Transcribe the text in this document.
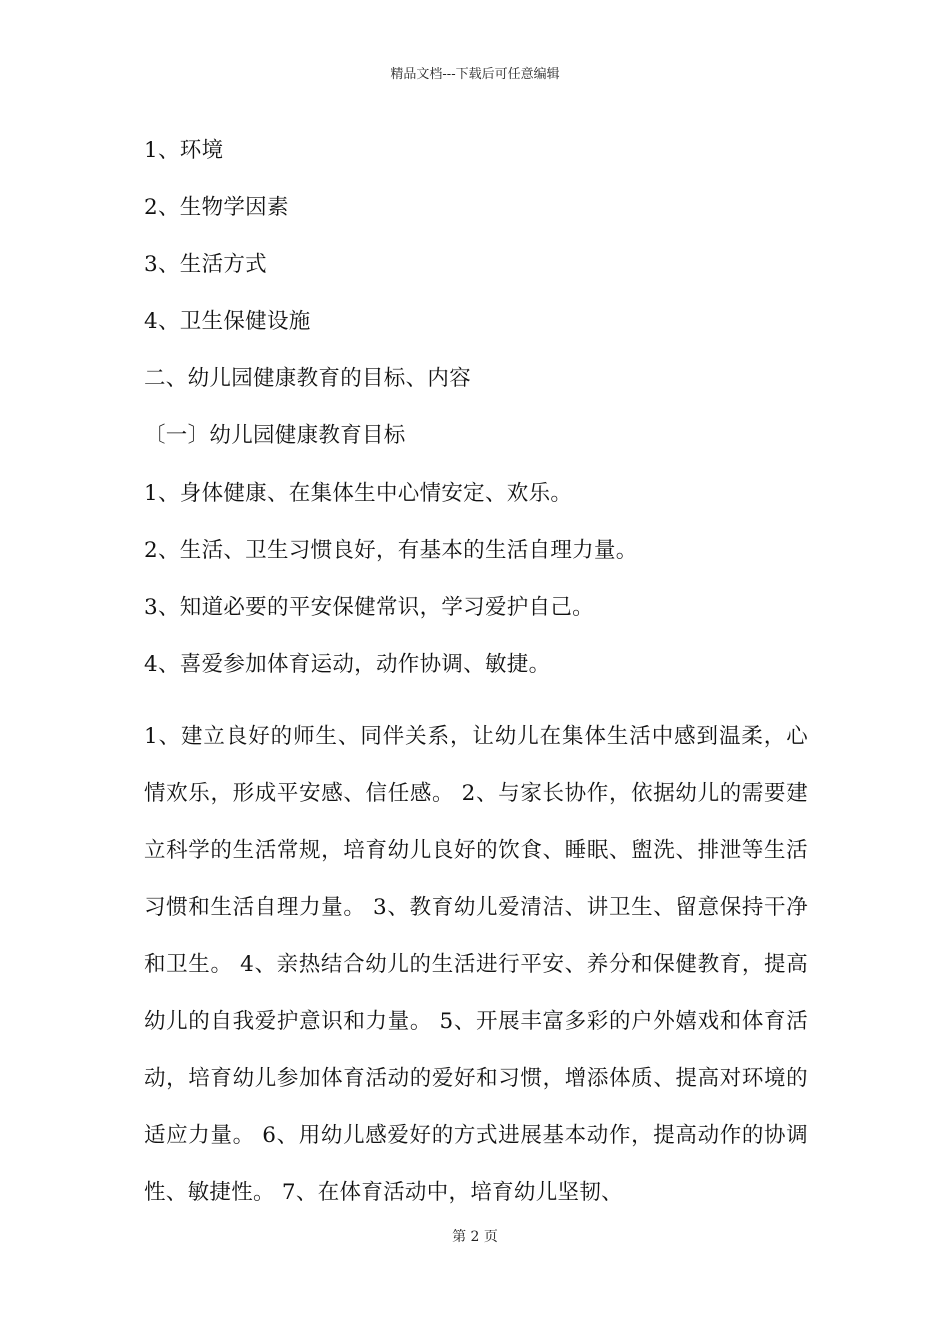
精品文档---下载后可任意编辑
1、环境
2、生物学因素
3、生活方式
4、卫生保健设施
二、幼儿园健康教育的目标、内容
〔一〕幼儿园健康教育目标
1、身体健康、在集体生中心情安定、欢乐。
2、生活、卫生习惯良好，有基本的生活自理力量。
3、知道必要的平安保健常识，学习爱护自己。
4、喜爱参加体育运动，动作协调、敏捷。
1、建立良好的师生、同伴关系，让幼儿在集体生活中感到温柔，心情欢乐，形成平安感、信任感。 2、与家长协作，依据幼儿的需要建立科学的生活常规，培育幼儿良好的饮食、睡眠、盥洗、排泄等生活习惯和生活自理力量。 3、教育幼儿爱清洁、讲卫生、留意保持干净和卫生。 4、亲热结合幼儿的生活进行平安、养分和保健教育，提高幼儿的自我爱护意识和力量。 5、开展丰富多彩的户外嬉戏和体育活动，培育幼儿参加体育活动的爱好和习惯，增添体质、提高对环境的适应力量。 6、用幼儿感爱好的方式进展基本动作，提高动作的协调性、敏捷性。 7、在体育活动中，培育幼儿坚韧、
第 2 页
